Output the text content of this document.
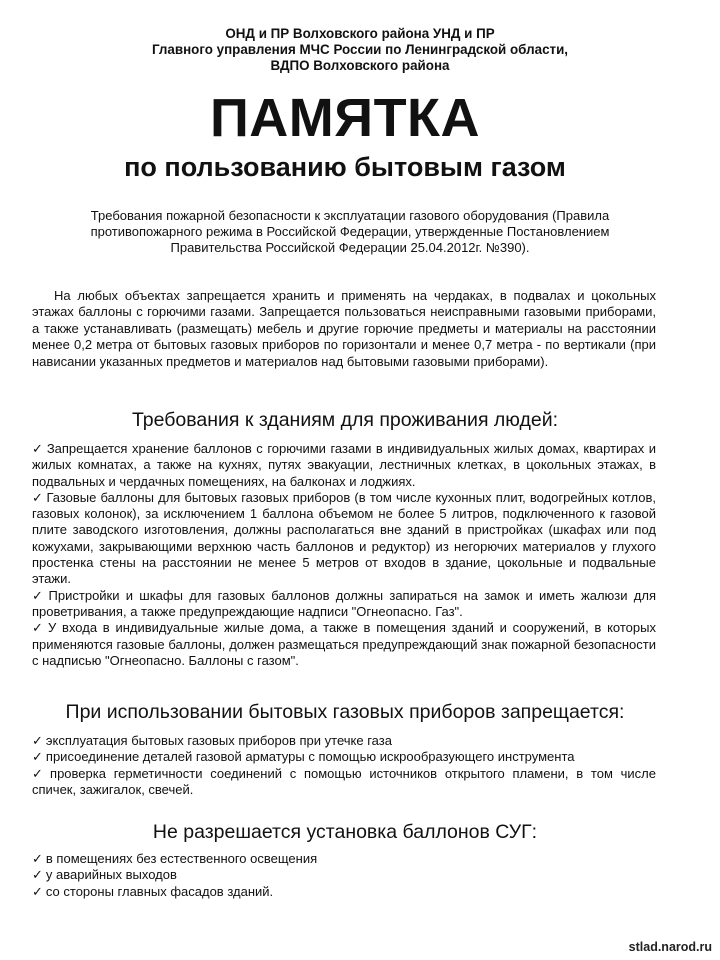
ОНД и ПР Волховского района УНД и ПР
Главного управления МЧС России по Ленинградской области,
ВДПО Волховского района
ПАМЯТКА
по пользованию бытовым газом
Требования пожарной безопасности к эксплуатации газового оборудования (Правила противопожарного режима в Российской Федерации, утвержденные Постановлением Правительства Российской Федерации 25.04.2012г. №390).
На любых объектах запрещается хранить и применять на чердаках, в подвалах и цокольных этажах баллоны с горючими газами. Запрещается пользоваться неисправными газовыми приборами, а также устанавливать (размещать) мебель и другие горючие предметы и материалы на расстоянии менее 0,2 метра от бытовых газовых приборов по горизонтали и менее 0,7 метра - по вертикали (при нависании указанных предметов и материалов над бытовыми газовыми приборами).
Требования к зданиям для проживания людей:

✓ Запрещается хранение баллонов с горючими газами в индивидуальных жилых домах, квартирах и жилых комнатах, а также на кухнях, путях эвакуации, лестничных клетках, в цокольных этажах, в подвальных и чердачных помещениях, на балконах и лоджиях.

✓ Газовые баллоны для бытовых газовых приборов (в том числе кухонных плит, водогрейных котлов, газовых колонок), за исключением 1 баллона объемом не более 5 литров, подключенного к газовой плите заводского изготовления, должны располагаться вне зданий в пристройках (шкафах или под кожухами, закрывающими верхнюю часть баллонов и редуктор) из негорючих материалов у глухого простенка стены на расстоянии не менее 5 метров от входов в здание, цокольные и подвальные этажи.

✓ Пристройки и шкафы для газовых баллонов должны запираться на замок и иметь жалюзи для проветривания, а также предупреждающие надписи "Огнеопасно. Газ".

✓ У входа в индивидуальные жилые дома, а также в помещения зданий и сооружений, в которых применяются газовые баллоны, должен размещаться предупреждающий знак пожарной безопасности с надписью "Огнеопасно. Баллоны с газом".

При использовании бытовых газовых приборов запрещается:

✓ эксплуатация бытовых газовых приборов при утечке газа

✓ присоединение деталей газовой арматуры с помощью искрообразующего инструмента

✓ проверка герметичности соединений с помощью источников открытого пламени, в том числе спичек, зажигалок, свечей.

Не разрешается установка баллонов СУГ:

✓ в помещениях без естественного освещения

✓ у аварийных выходов

✓ со стороны главных фасадов зданий.

stlad.narod.ru
